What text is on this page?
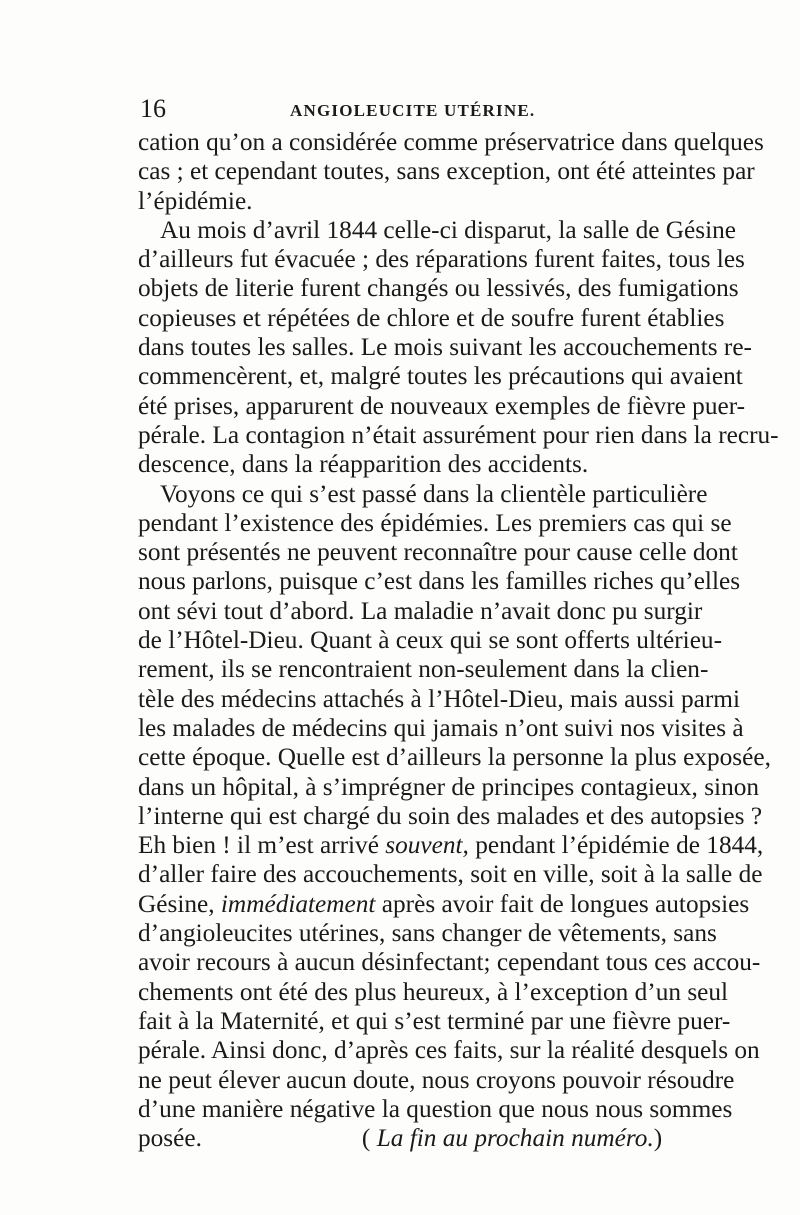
16	ANGIOLEUCITE UTÉRINE.
cation qu’on a considérée comme préservatrice dans quelques
cas ; et cependant toutes, sans exception, ont été atteintes par
l’épidémie.
Au mois d’avril 1844 celle-ci disparut, la salle de Gésine
d’ailleurs fut évacuée ; des réparations furent faites, tous les
objets de literie furent changés ou lessivés, des fumigations
copieuses et répétées de chlore et de soufre furent établies
dans toutes les salles. Le mois suivant les accouchements re-
commencèrent, et, malgré toutes les précautions qui avaient
été prises, apparurent de nouveaux exemples de fièvre puer-
pérale. La contagion n’était assurément pour rien dans la recru-
descence, dans la réapparition des accidents.
Voyons ce qui s’est passé dans la clientèle particulière
pendant l’existence des épidémies. Les premiers cas qui se
sont présentés ne peuvent reconnaître pour cause celle dont
nous parlons, puisque c’est dans les familles riches qu’elles
ont sévi tout d’abord. La maladie n’avait donc pu surgir
de l’Hôtel-Dieu. Quant à ceux qui se sont offerts ultérieu-
rement, ils se rencontraient non-seulement dans la clien-
tèle des médecins attachés à l’Hôtel-Dieu, mais aussi parmi
les malades de médecins qui jamais n’ont suivi nos visites à
cette époque. Quelle est d’ailleurs la personne la plus exposée,
dans un hôpital, à s’imprégner de principes contagieux, sinon
l’interne qui est chargé du soin des malades et des autopsies ?
Eh bien ! il m’est arrivé souvent, pendant l’épidémie de 1844,
d’aller faire des accouchements, soit en ville, soit à la salle de
Gésine, immédiatement après avoir fait de longues autopsies
d’angioleucites utérines, sans changer de vêtements, sans
avoir recours à aucun désinfectant; cependant tous ces accou-
chements ont été des plus heureux, à l’exception d’un seul
fait à la Maternité, et qui s’est terminé par une fièvre puer-
pérale. Ainsi donc, d’après ces faits, sur la réalité desquels on
ne peut élever aucun doute, nous croyons pouvoir résoudre
d’une manière négative la question que nous nous sommes
posée.	( La fin au prochain numéro.)
